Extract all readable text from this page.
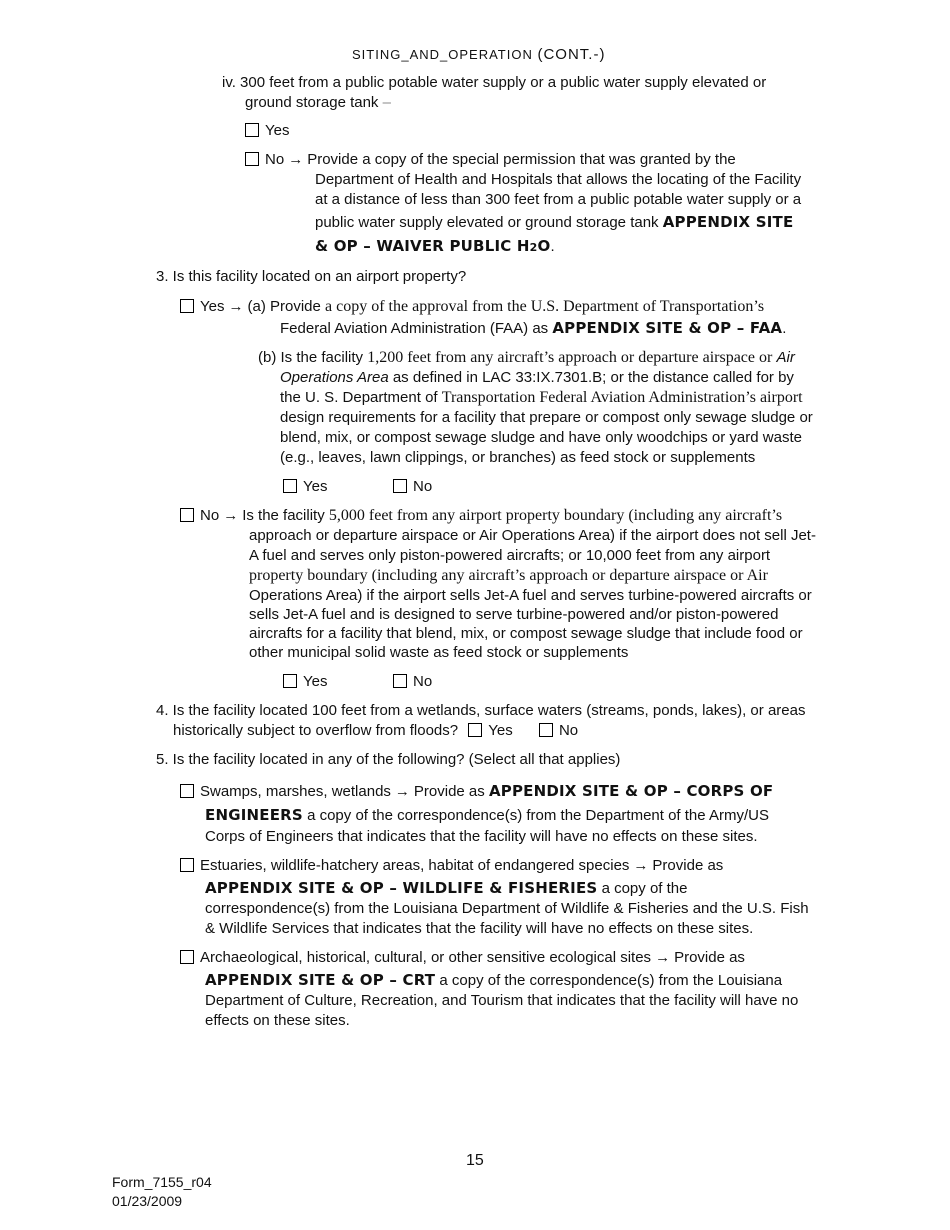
SITING_AND_OPERATION (CONT.-)
iv. 300 feet from a public potable water supply or a public water supply elevated or
ground storage tank –
Yes
No → Provide a copy of the special permission that was granted by the
Department of Health and Hospitals that allows the locating of the Facility
at a distance of less than 300 feet from a public potable water supply or a
public water supply elevated or ground storage tank APPENDIX SITE
& OP – WAIVER PUBLIC H2O.
3. Is this facility located on an airport property?
Yes → (a) Provide a copy of the approval from the U.S. Department of Transportation’s
Federal Aviation Administration (FAA) as APPENDIX SITE & OP – FAA.
(b) Is the facility 1,200 feet from any aircraft’s approach or departure airspace or Air
Operations Area as defined in LAC 33:IX.7301.B; or the distance called for by
the U. S. Department of Transportation Federal Aviation Administration’s airport
design requirements for a facility that prepare or compost only sewage sludge or
blend, mix, or compost sewage sludge and have only woodchips or yard waste
(e.g., leaves, lawn clippings, or branches) as feed stock or supplements
Yes	No
No → Is the facility 5,000 feet from any airport property boundary (including any aircraft’s
approach or departure airspace or Air Operations Area) if the airport does not sell Jet-
A fuel and serves only piston-powered aircrafts; or 10,000 feet from any airport
property boundary (including any aircraft’s approach or departure airspace or Air
Operations Area) if the airport sells Jet-A fuel and serves turbine-powered aircrafts or
sells Jet-A fuel and is designed to serve turbine-powered and/or piston-powered
aircrafts for a facility that blend, mix, or compost sewage sludge that include food or
other municipal solid waste as feed stock or supplements
Yes	No
4. Is the facility located 100 feet from a wetlands, surface waters (streams, ponds, lakes), or areas
historically subject to overflow from floods? Yes	No
5. Is the facility located in any of the following? (Select all that applies)
Swamps, marshes, wetlands → Provide as APPENDIX SITE & OP – CORPS OF
ENGINEERS a copy of the correspondence(s) from the Department of the Army/US
Corps of Engineers that indicates that the facility will have no effects on these sites.
Estuaries, wildlife-hatchery areas, habitat of endangered species → Provide as
APPENDIX SITE & OP – WILDLIFE & FISHERIES a copy of the
correspondence(s) from the Louisiana Department of Wildlife & Fisheries and the U.S. Fish
& Wildlife Services that indicates that the facility will have no effects on these sites.
Archaeological, historical, cultural, or other sensitive ecological sites → Provide as
APPENDIX SITE & OP – CRT a copy of the correspondence(s) from the Louisiana
Department of Culture, Recreation, and Tourism that indicates that the facility will have no
effects on these sites.
15
Form_7155_r04
01/23/2009
